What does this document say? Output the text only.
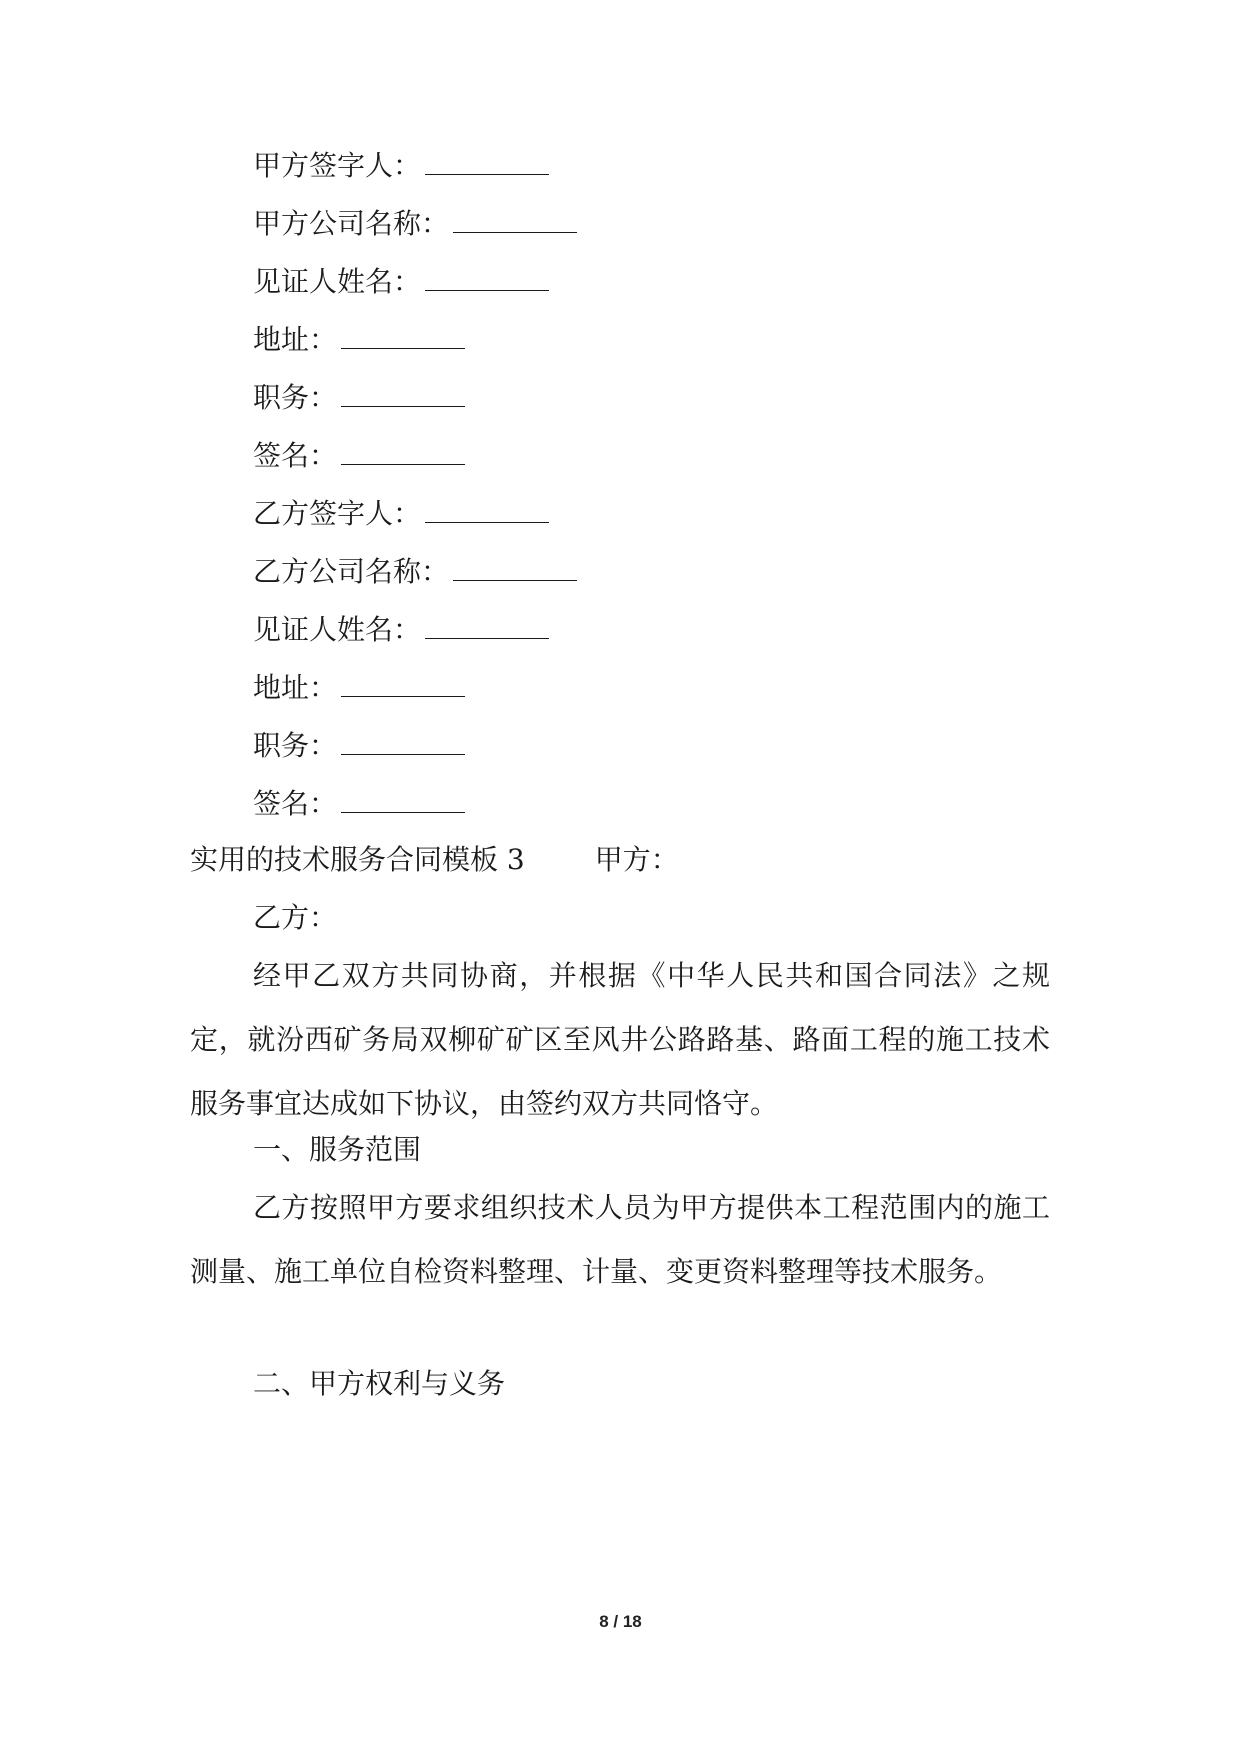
甲方签字人：
甲方公司名称：
见证人姓名：
地址：
职务：
签名：
乙方签字人：
乙方公司名称：
见证人姓名：
地址：
职务：
签名：
实用的技术服务合同模板 3	甲方：
乙方：
经甲乙双方共同协商，并根据《中华人民共和国合同法》之规定，就汾西矿务局双柳矿矿区至风井公路路基、路面工程的施工技术服务事宜达成如下协议，由签约双方共同恪守。
一、服务范围
乙方按照甲方要求组织技术人员为甲方提供本工程范围内的施工测量、施工单位自检资料整理、计量、变更资料整理等技术服务。
二、甲方权利与义务
8 / 18
